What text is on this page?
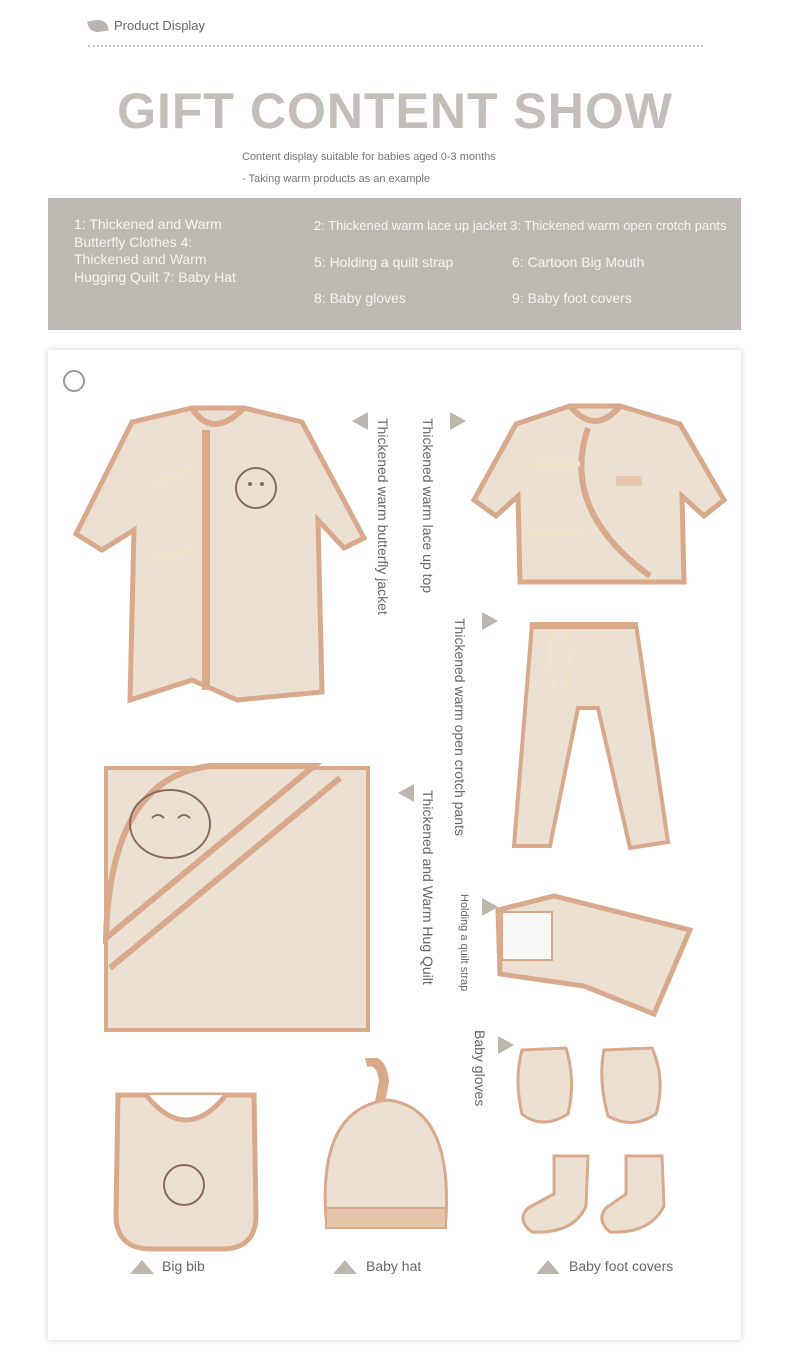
Product Display
GIFT CONTENT SHOW
Content display suitable for babies aged 0-3 months
- Taking warm products as an example
1: Thickened and Warm Butterfly Clothes 4: Thickened and Warm Hugging Quilt 7: Baby Hat
2: Thickened warm lace up jacket 3: Thickened warm open crotch pants
5: Holding a quilt strap	6: Cartoon Big Mouth
8: Baby gloves	9: Baby foot covers
Thickened warm butterfly jacket Thickened warm lace up top
Thickened warm open crotch pants
Thickened and Warm Hug Quilt Holding a quilt strap
Baby gloves
Big bib	Baby hat	Baby foot covers
